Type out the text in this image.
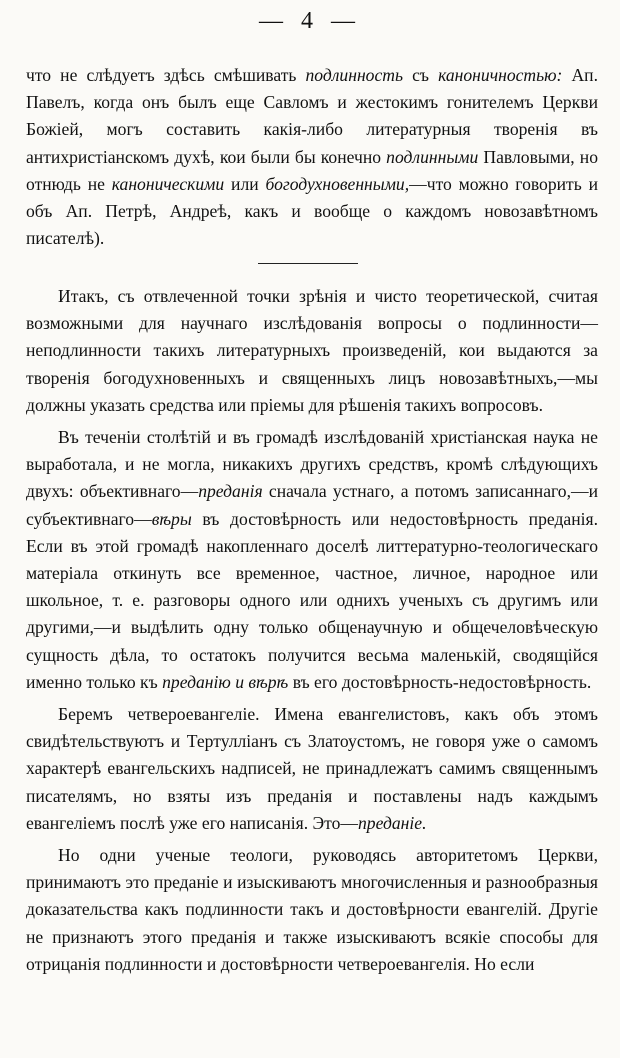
— 4 —

что не слѣдуетъ здѣсь смѣшивать подлинность съ каноничностью: Ап. Павелъ, когда онъ былъ еще Савломъ и жестокимъ гонителемъ Церкви Божіей, могъ составить какія-либо литературныя творенія въ антихристіанскомъ духѣ, кои были бы конечно подлинными Павловыми, но отнюдь не каноническими или богодухновенными,—что можно говорить и объ Ап. Петрѣ, Андреѣ, какъ и вообще о каждомъ новозавѣтномъ писателѣ).

Итакъ, съ отвлеченной точки зрѣнія и чисто теоретической, считая возможными для научнаго изслѣдованія вопросы о подлинности—неподлинности такихъ литературныхъ произведеній, кои выдаются за творенія богодухновенныхъ и священныхъ лицъ новозавѣтныхъ,—мы должны указать средства или пріемы для рѣшенія такихъ вопросовъ.

Въ теченіи столѣтій и въ громадѣ изслѣдованій христіанская наука не выработала, и не могла, никакихъ другихъ средствъ, кромѣ слѣдующихъ двухъ: объективнаго—преданія сначала устнаго, а потомъ записаннаго,—и субъективнаго—вѣры въ достовѣрность или недостовѣрность преданія. Если въ этой громадѣ накопленнаго доселѣ литтературно-теологическаго матеріала откинуть все временное, частное, личное, народное или школьное, т. е. разговоры одного или однихъ ученыхъ съ другимъ или другими,—и выдѣлить одну только общенаучную и общечеловѣческую сущность дѣла, то остатокъ получится весьма маленькій, сводящійся именно только къ преданію и вѣрѣ въ его достовѣрность-недостовѣрность.

Беремъ четвероевангеліе. Имена евангелистовъ, какъ объ этомъ свидѣтельствуютъ и Тертулліанъ съ Златоустомъ, не говоря уже о самомъ характерѣ евангельскихъ надписей, не принадлежатъ самимъ священнымъ писателямъ, но взяты изъ преданія и поставлены надъ каждымъ евангеліемъ послѣ уже его написанія. Это—преданіе.

Но одни ученые теологи, руководясь авторитетомъ Церкви, принимаютъ это преданіе и изыскиваютъ многочисленныя и разнообразныя доказательства какъ подлинности такъ и достовѣрности евангелій. Другіе не признаютъ этого преданія и также изыскиваютъ всякіе способы для отрицанія подлинности и достовѣрности четвероевангелія. Но если
